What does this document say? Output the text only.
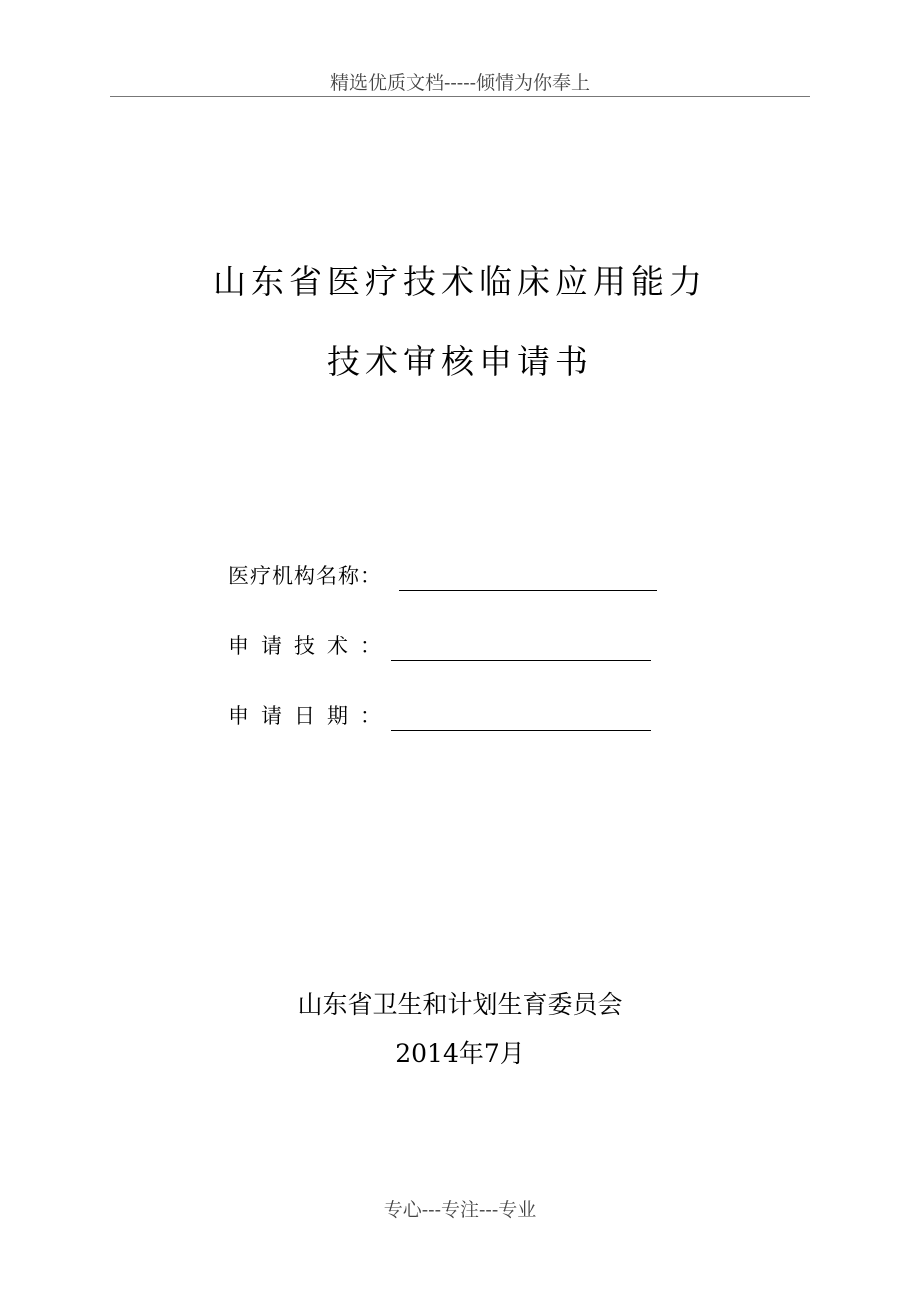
精选优质文档-----倾情为你奉上
山东省医疗技术临床应用能力
技术审核申请书
医疗机构名称：
申请技术：
申请日期：
山东省卫生和计划生育委员会
2014年7月
专心---专注---专业
